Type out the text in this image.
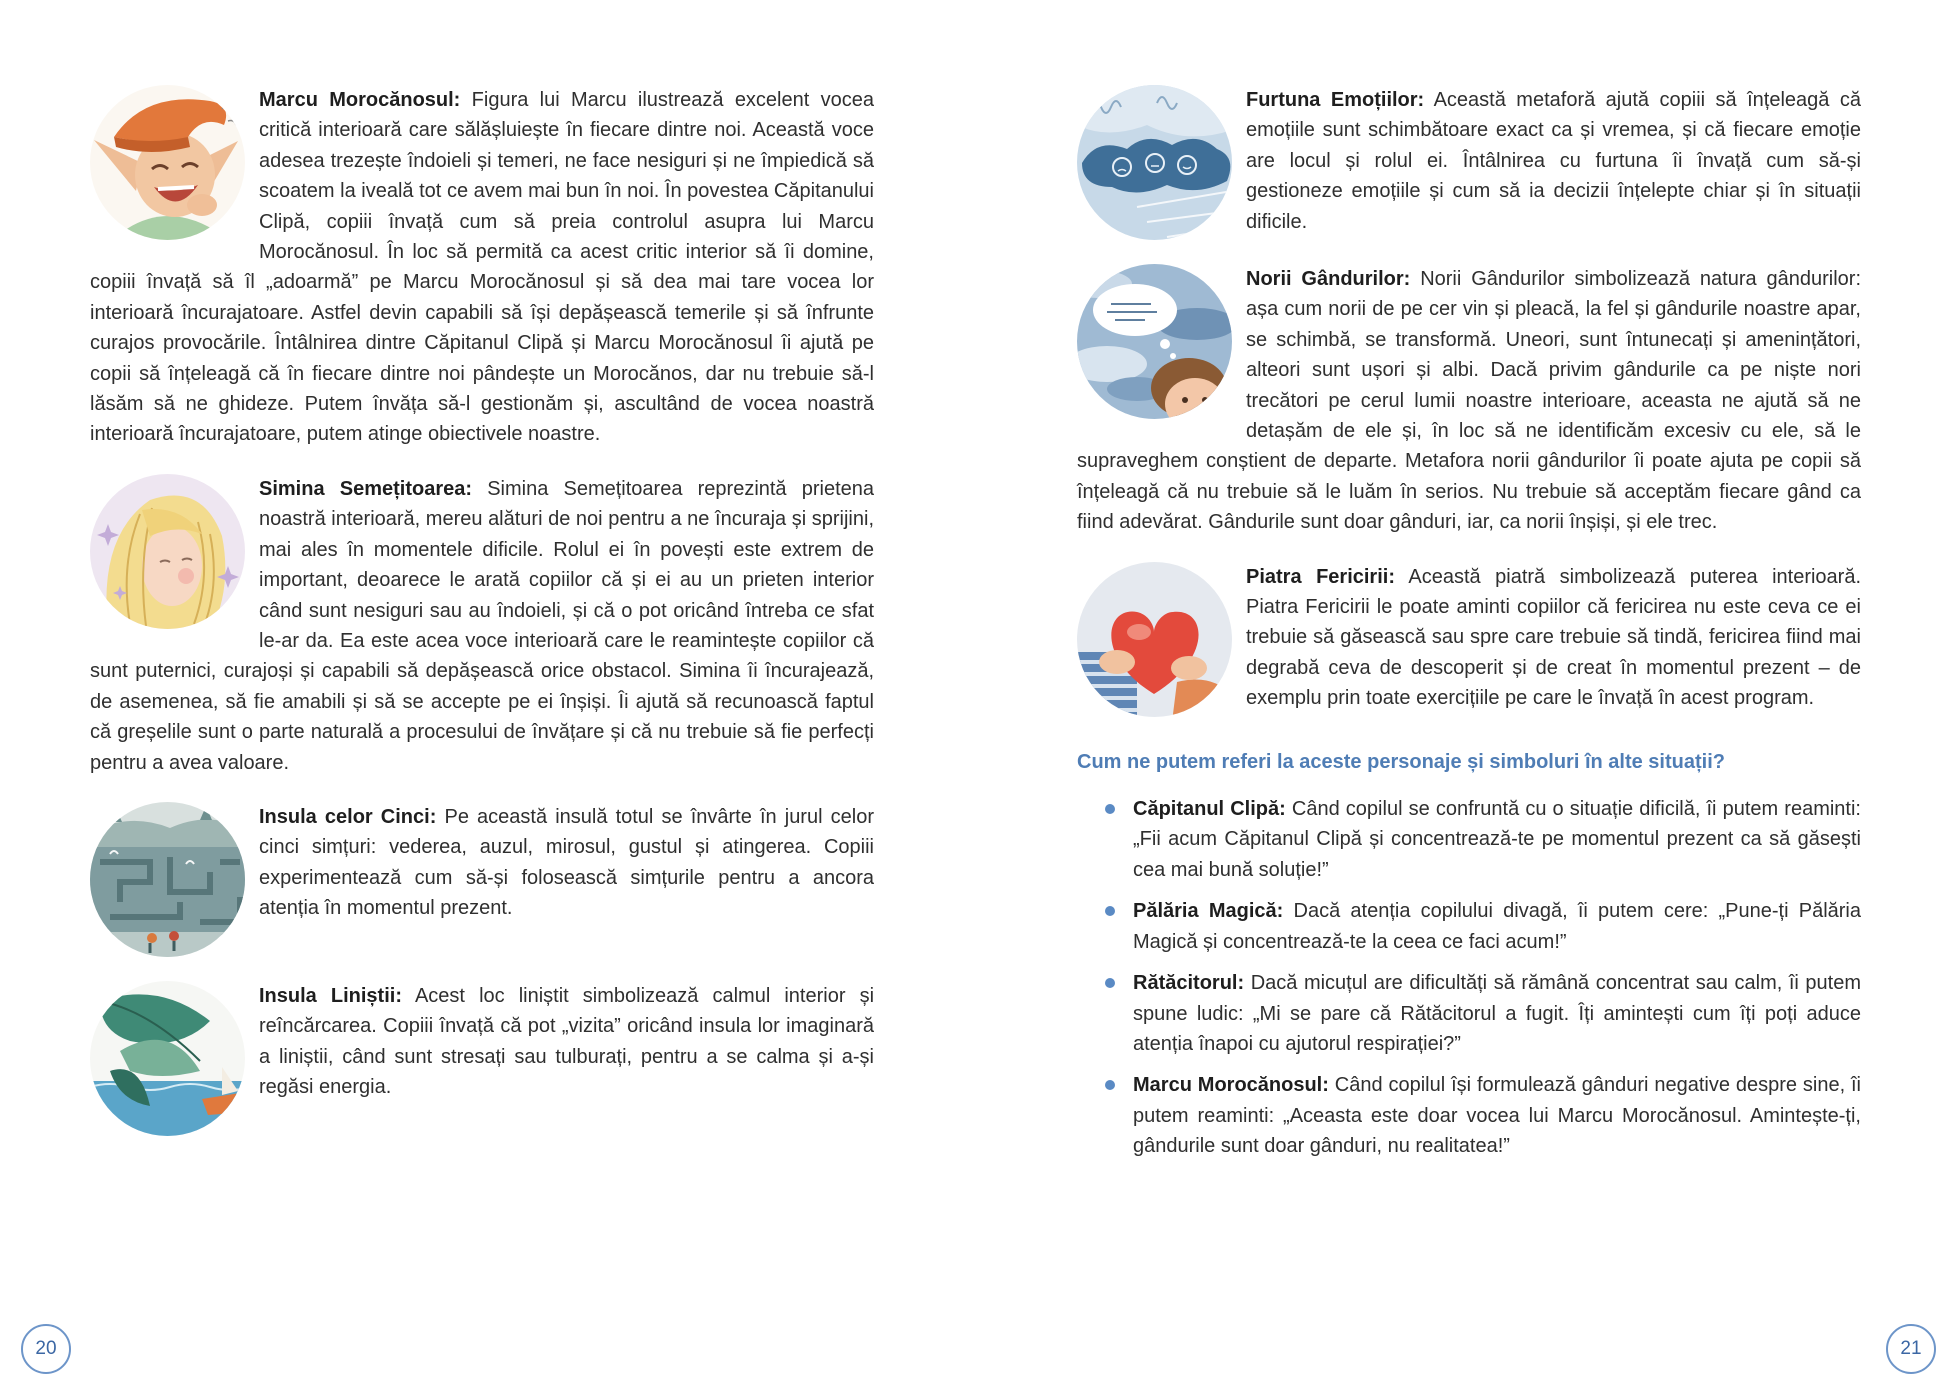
Marcu Morocănosul: Figura lui Marcu ilustrează excelent vocea critică interioară care sălășluiește în fiecare dintre noi. Această voce adesea trezește îndoieli și temeri, ne face nesiguri și ne împiedică să scoatem la iveală tot ce avem mai bun în noi. În povestea Căpitanului Clipă, copiii învață cum să preia controlul asupra lui Marcu Morocănosul. În loc să permită ca acest critic interior să îi domine, copiii învață să îl „adoarmă” pe Marcu Morocănosul și să dea mai tare vocea lor interioară încurajatoare. Astfel devin capabili să își depășească temerile și să înfrunte curajos provocările. Întâlnirea dintre Căpitanul Clipă și Marcu Morocănosul îi ajută pe copii să înțeleagă că în fiecare dintre noi pândește un Morocănos, dar nu trebuie să-l lăsăm să ne ghideze. Putem învăța să-l gestionăm și, ascultând de vocea noastră interioară încurajatoare, putem atinge obiectivele noastre.

Simina Semețitoarea: Simina Semețitoarea reprezintă prietena noastră interioară, mereu alături de noi pentru a ne încuraja și sprijini, mai ales în momentele dificile. Rolul ei în povești este extrem de important, deoarece le arată copiilor că și ei au un prieten interior când sunt nesiguri sau au îndoieli, și că o pot oricând întreba ce sfat le-ar da. Ea este acea voce interioară care le reamintește copiilor că sunt puternici, curajoși și capabili să depășească orice obstacol. Simina îi încurajează, de asemenea, să fie amabili și să se accepte pe ei înșiși. Îi ajută să recunoască faptul că greșelile sunt o parte naturală a procesului de învățare și că nu trebuie să fie perfecți pentru a avea valoare.

Insula celor Cinci: Pe această insulă totul se învârte în jurul celor cinci simțuri: vederea, auzul, mirosul, gustul și atingerea. Copiii experimentează cum să-și folosească simțurile pentru a ancora atenția în momentul prezent.

Insula Liniștii: Acest loc liniștit simbolizează calmul interior și reîncărcarea. Copiii învață că pot „vizita” oricând insula lor imaginară a liniștii, când sunt stresați sau tulburați, pentru a se calma și a-și regăsi energia.

20

Furtuna Emoțiilor: Această metaforă ajută copiii să înțeleagă că emoțiile sunt schimbătoare exact ca și vremea, și că fiecare emoție are locul și rolul ei. Întâlnirea cu furtuna îi învață cum să-și gestioneze emoțiile și cum să ia decizii înțelepte chiar și în situații dificile.

Norii Gândurilor: Norii Gândurilor simbolizează natura gândurilor: așa cum norii de pe cer vin și pleacă, la fel și gândurile noastre apar, se schimbă, se transformă. Uneori, sunt întunecați și amenințători, alteori sunt ușori și albi. Dacă privim gândurile ca pe niște nori trecători pe cerul lumii noastre interioare, aceasta ne ajută să ne detașăm de ele și, în loc să ne identificăm excesiv cu ele, să le supraveghem conștient de departe. Metafora norii gândurilor îi poate ajuta pe copii să înțeleagă că nu trebuie să le luăm în serios. Nu trebuie să acceptăm fiecare gând ca fiind adevărat. Gândurile sunt doar gânduri, iar, ca norii înșiși, și ele trec.

Piatra Fericirii: Această piatră simbolizează puterea interioară. Piatra Fericirii le poate aminti copiilor că fericirea nu este ceva ce ei trebuie să găsească sau spre care trebuie să tindă, fericirea fiind mai degrabă ceva de descoperit și de creat în momentul prezent – de exemplu prin toate exercițiile pe care le învață în acest program.

Cum ne putem referi la aceste personaje și simboluri în alte situații?
Căpitanul Clipă: Când copilul se confruntă cu o situație dificilă, îi putem reaminti: „Fii acum Căpitanul Clipă și concentrează-te pe momentul prezent ca să găsești cea mai bună soluție!”
Pălăria Magică: Dacă atenția copilului divagă, îi putem cere: „Pune-ți Pălăria Magică și concentrează-te la ceea ce faci acum!”
Rătăcitorul: Dacă micuțul are dificultăți să rămână concentrat sau calm, îi putem spune ludic: „Mi se pare că Rătăcitorul a fugit. Îți amintești cum îți poți aduce atenția înapoi cu ajutorul respirației?”
Marcu Morocănosul: Când copilul își formulează gânduri negative despre sine, îi putem reaminti: „Aceasta este doar vocea lui Marcu Morocănosul. Amintește-ți, gândurile sunt doar gânduri, nu realitatea!”
21
